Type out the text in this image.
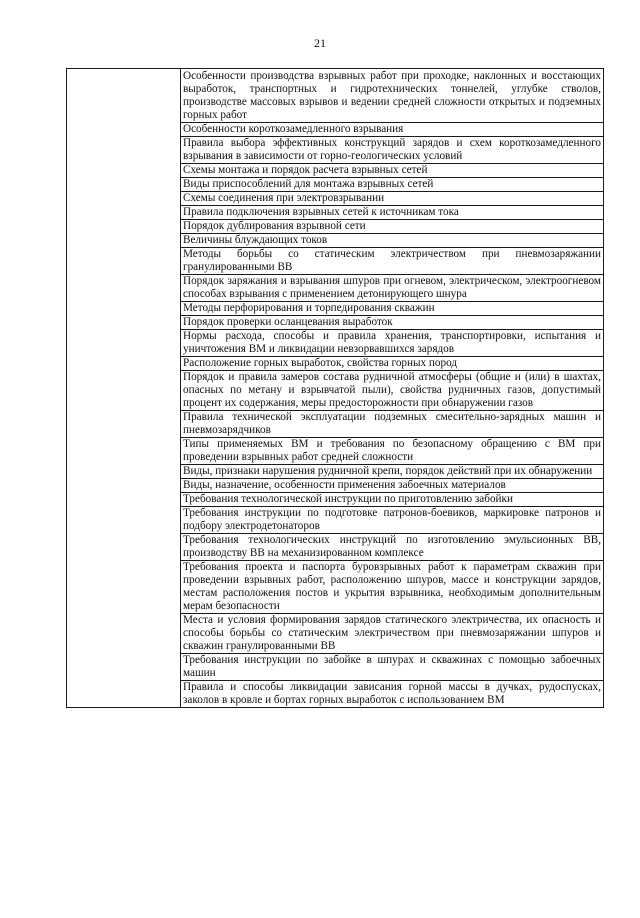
21
	Особенности производства взрывных работ при проходке, наклонных и восстающих выработок, транспортных и гидротехнических тоннелей, углубке стволов, производстве массовых взрывов и ведении средней сложности открытых и подземных горных работ
Особенности короткозамедленного взрывания
Правила выбора эффективных конструкций зарядов и схем короткозамедленного взрывания в зависимости от горно-геологических условий
Схемы монтажа и порядок расчета взрывных сетей
Виды приспособлений для монтажа взрывных сетей
Схемы соединения при электровзрывании
Правила подключения взрывных сетей к источникам тока
Порядок дублирования взрывной сети
Величины блуждающих токов
Методы борьбы со статическим электричеством при пневмозаряжании гранулированными ВВ
Порядок заряжания и взрывания шпуров при огневом, электрическом, электроогневом способах взрывания с применением детонирующего шнура
Методы перфорирования и торпедирования скважин
Порядок проверки осланцевания выработок
Нормы расхода, способы и правила хранения, транспортировки, испытания и уничтожения ВМ и ликвидации невзорвавшихся зарядов
Расположение горных выработок, свойства горных пород
Порядок и правила замеров состава рудничной атмосферы (общие и (или) в шахтах, опасных по метану и взрывчатой пыли), свойства рудничных газов, допустимый процент их содержания, меры предосторожности при обнаружении газов
Правила технической эксплуатации подземных смесительно-зарядных машин и пневмозарядчиков
Типы применяемых ВМ и требования по безопасному обращению с ВМ при проведении взрывных работ средней сложности
Виды, признаки нарушения рудничной крепи, порядок действий при их обнаружении
Виды, назначение, особенности применения забоечных материалов
Требования технологической инструкции по приготовлению забойки
Требования инструкции по подготовке патронов-боевиков, маркировке патронов и подбору электродетонаторов
Требования технологических инструкций по изготовлению эмульсионных ВВ, производству ВВ на механизированном комплексе
Требования проекта и паспорта буровзрывных работ к параметрам скважин при проведении взрывных работ, расположению шпуров, массе и конструкции зарядов, местам расположения постов и укрытия взрывника, необходимым дополнительным мерам безопасности
Места и условия формирования зарядов статического электричества, их опасность и способы борьбы со статическим электричеством при пневмозаряжании шпуров и скважин гранулированными ВВ
Требования инструкции по забойке в шпурах и скважинах с помощью забоечных машин
Правила и способы ликвидации зависания горной массы в дучках, рудоспусках, заколов в кровле и бортах горных выработок с использованием ВМ
